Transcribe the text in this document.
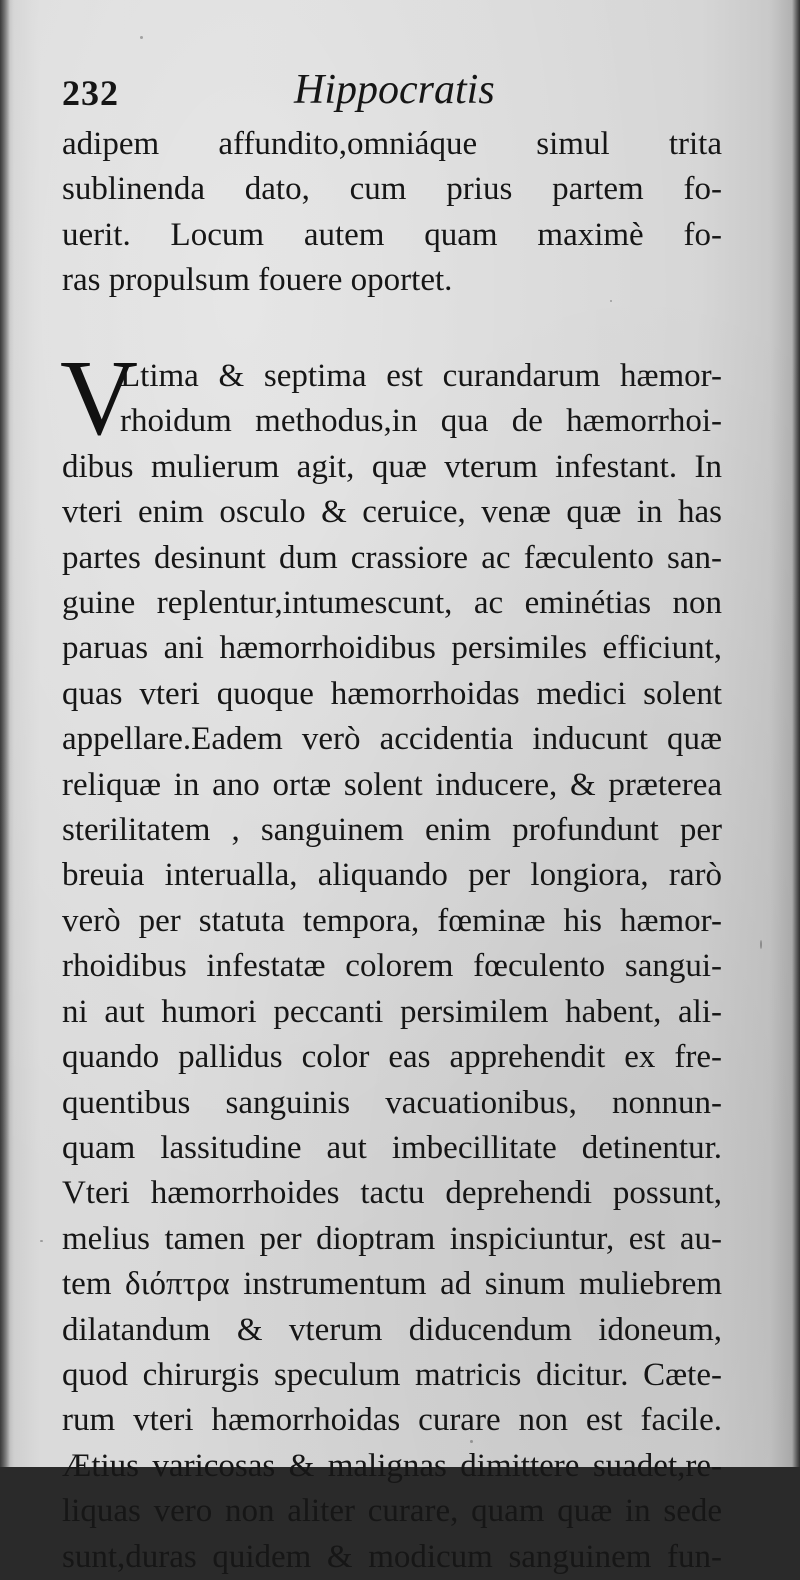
232	Hippocratis
adipem affundito,omniáque simul trita
sublinenda dato, cum prius partem fo-
uerit. Locum autem quam maximè fo-
ras propulsum fouere oportet.
V
Ltima & septima est curandarum hæmor-
rhoidum methodus,in qua de hæmorrhoi-
dibus mulierum agit, quæ vterum infestant. In
vteri enim osculo & ceruice, venæ quæ in has
partes desinunt dum crassiore ac fæculento san-
guine replentur,intumescunt, ac eminétias non
paruas ani hæmorrhoidibus persimiles efficiunt,
quas vteri quoque hæmorrhoidas medici solent
appellare.Eadem verò accidentia inducunt quæ
reliquæ in ano ortæ solent inducere, & præterea
sterilitatem , sanguinem enim profundunt per
breuia interualla, aliquando per longiora, rarò
verò per statuta tempora, fœminæ his hæmor-
rhoidibus infestatæ colorem fœculento sangui-
ni aut humori peccanti persimilem habent, ali-
quando pallidus color eas apprehendit ex fre-
quentibus sanguinis vacuationibus, nonnun-
quam lassitudine aut imbecillitate detinentur.
Vteri hæmorrhoides tactu deprehendi possunt,
melius tamen per dioptram inspiciuntur, est au-
tem διόπτρα instrumentum ad sinum muliebrem
dilatandum & vterum diducendum idoneum,
quod chirurgis speculum matricis dicitur. Cæte-
rum vteri hæmorrhoidas curare non est facile.
Ætius varicosas & malignas dimittere suadet,re-
liquas vero non aliter curare, quam quæ in sede
sunt,duras quidem & modicum sanguinem fun-
